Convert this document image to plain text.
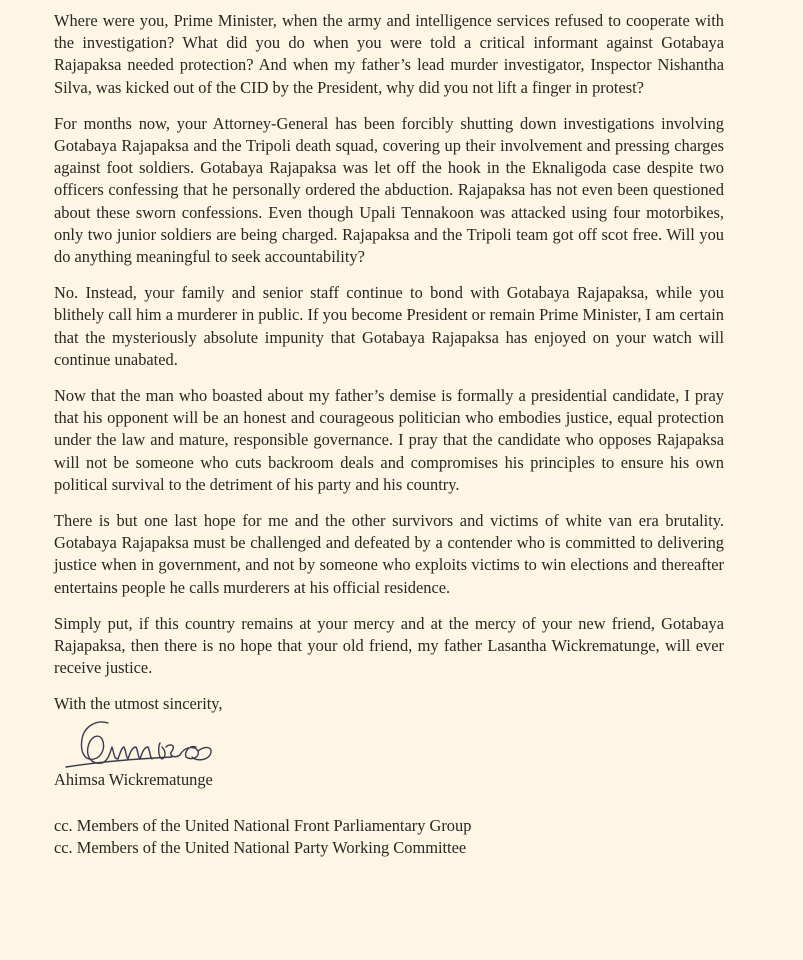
Where were you, Prime Minister, when the army and intelligence services refused to cooperate with the investigation? What did you do when you were told a critical informant against Gotabaya Rajapaksa needed protection? And when my father’s lead murder investigator, Inspector Nishantha Silva, was kicked out of the CID by the President, why did you not lift a finger in protest?

For months now, your Attorney-General has been forcibly shutting down investigations involving Gotabaya Rajapaksa and the Tripoli death squad, covering up their involvement and pressing charges against foot soldiers. Gotabaya Rajapaksa was let off the hook in the Eknaligoda case despite two officers confessing that he personally ordered the abduction. Rajapaksa has not even been questioned about these sworn confessions. Even though Upali Tennakoon was attacked using four motorbikes, only two junior soldiers are being charged. Rajapaksa and the Tripoli team got off scot free. Will you do anything meaningful to seek accountability?

No. Instead, your family and senior staff continue to bond with Gotabaya Rajapaksa, while you blithely call him a murderer in public. If you become President or remain Prime Minister, I am certain that the mysteriously absolute impunity that Gotabaya Rajapaksa has enjoyed on your watch will continue unabated.

Now that the man who boasted about my father’s demise is formally a presidential candidate, I pray that his opponent will be an honest and courageous politician who embodies justice, equal protection under the law and mature, responsible governance. I pray that the candidate who opposes Rajapaksa will not be someone who cuts backroom deals and compromises his principles to ensure his own political survival to the detriment of his party and his country.

There is but one last hope for me and the other survivors and victims of white van era brutality. Gotabaya Rajapaksa must be challenged and defeated by a contender who is committed to delivering justice when in government, and not by someone who exploits victims to win elections and thereafter entertains people he calls murderers at his official residence.

Simply put, if this country remains at your mercy and at the mercy of your new friend, Gotabaya Rajapaksa, then there is no hope that your old friend, my father Lasantha Wickrematunge, will ever receive justice.

With the utmost sincerity,

Ahimsa Wickrematunge

cc. Members of the United National Front Parliamentary Group

cc. Members of the United National Party Working Committee
